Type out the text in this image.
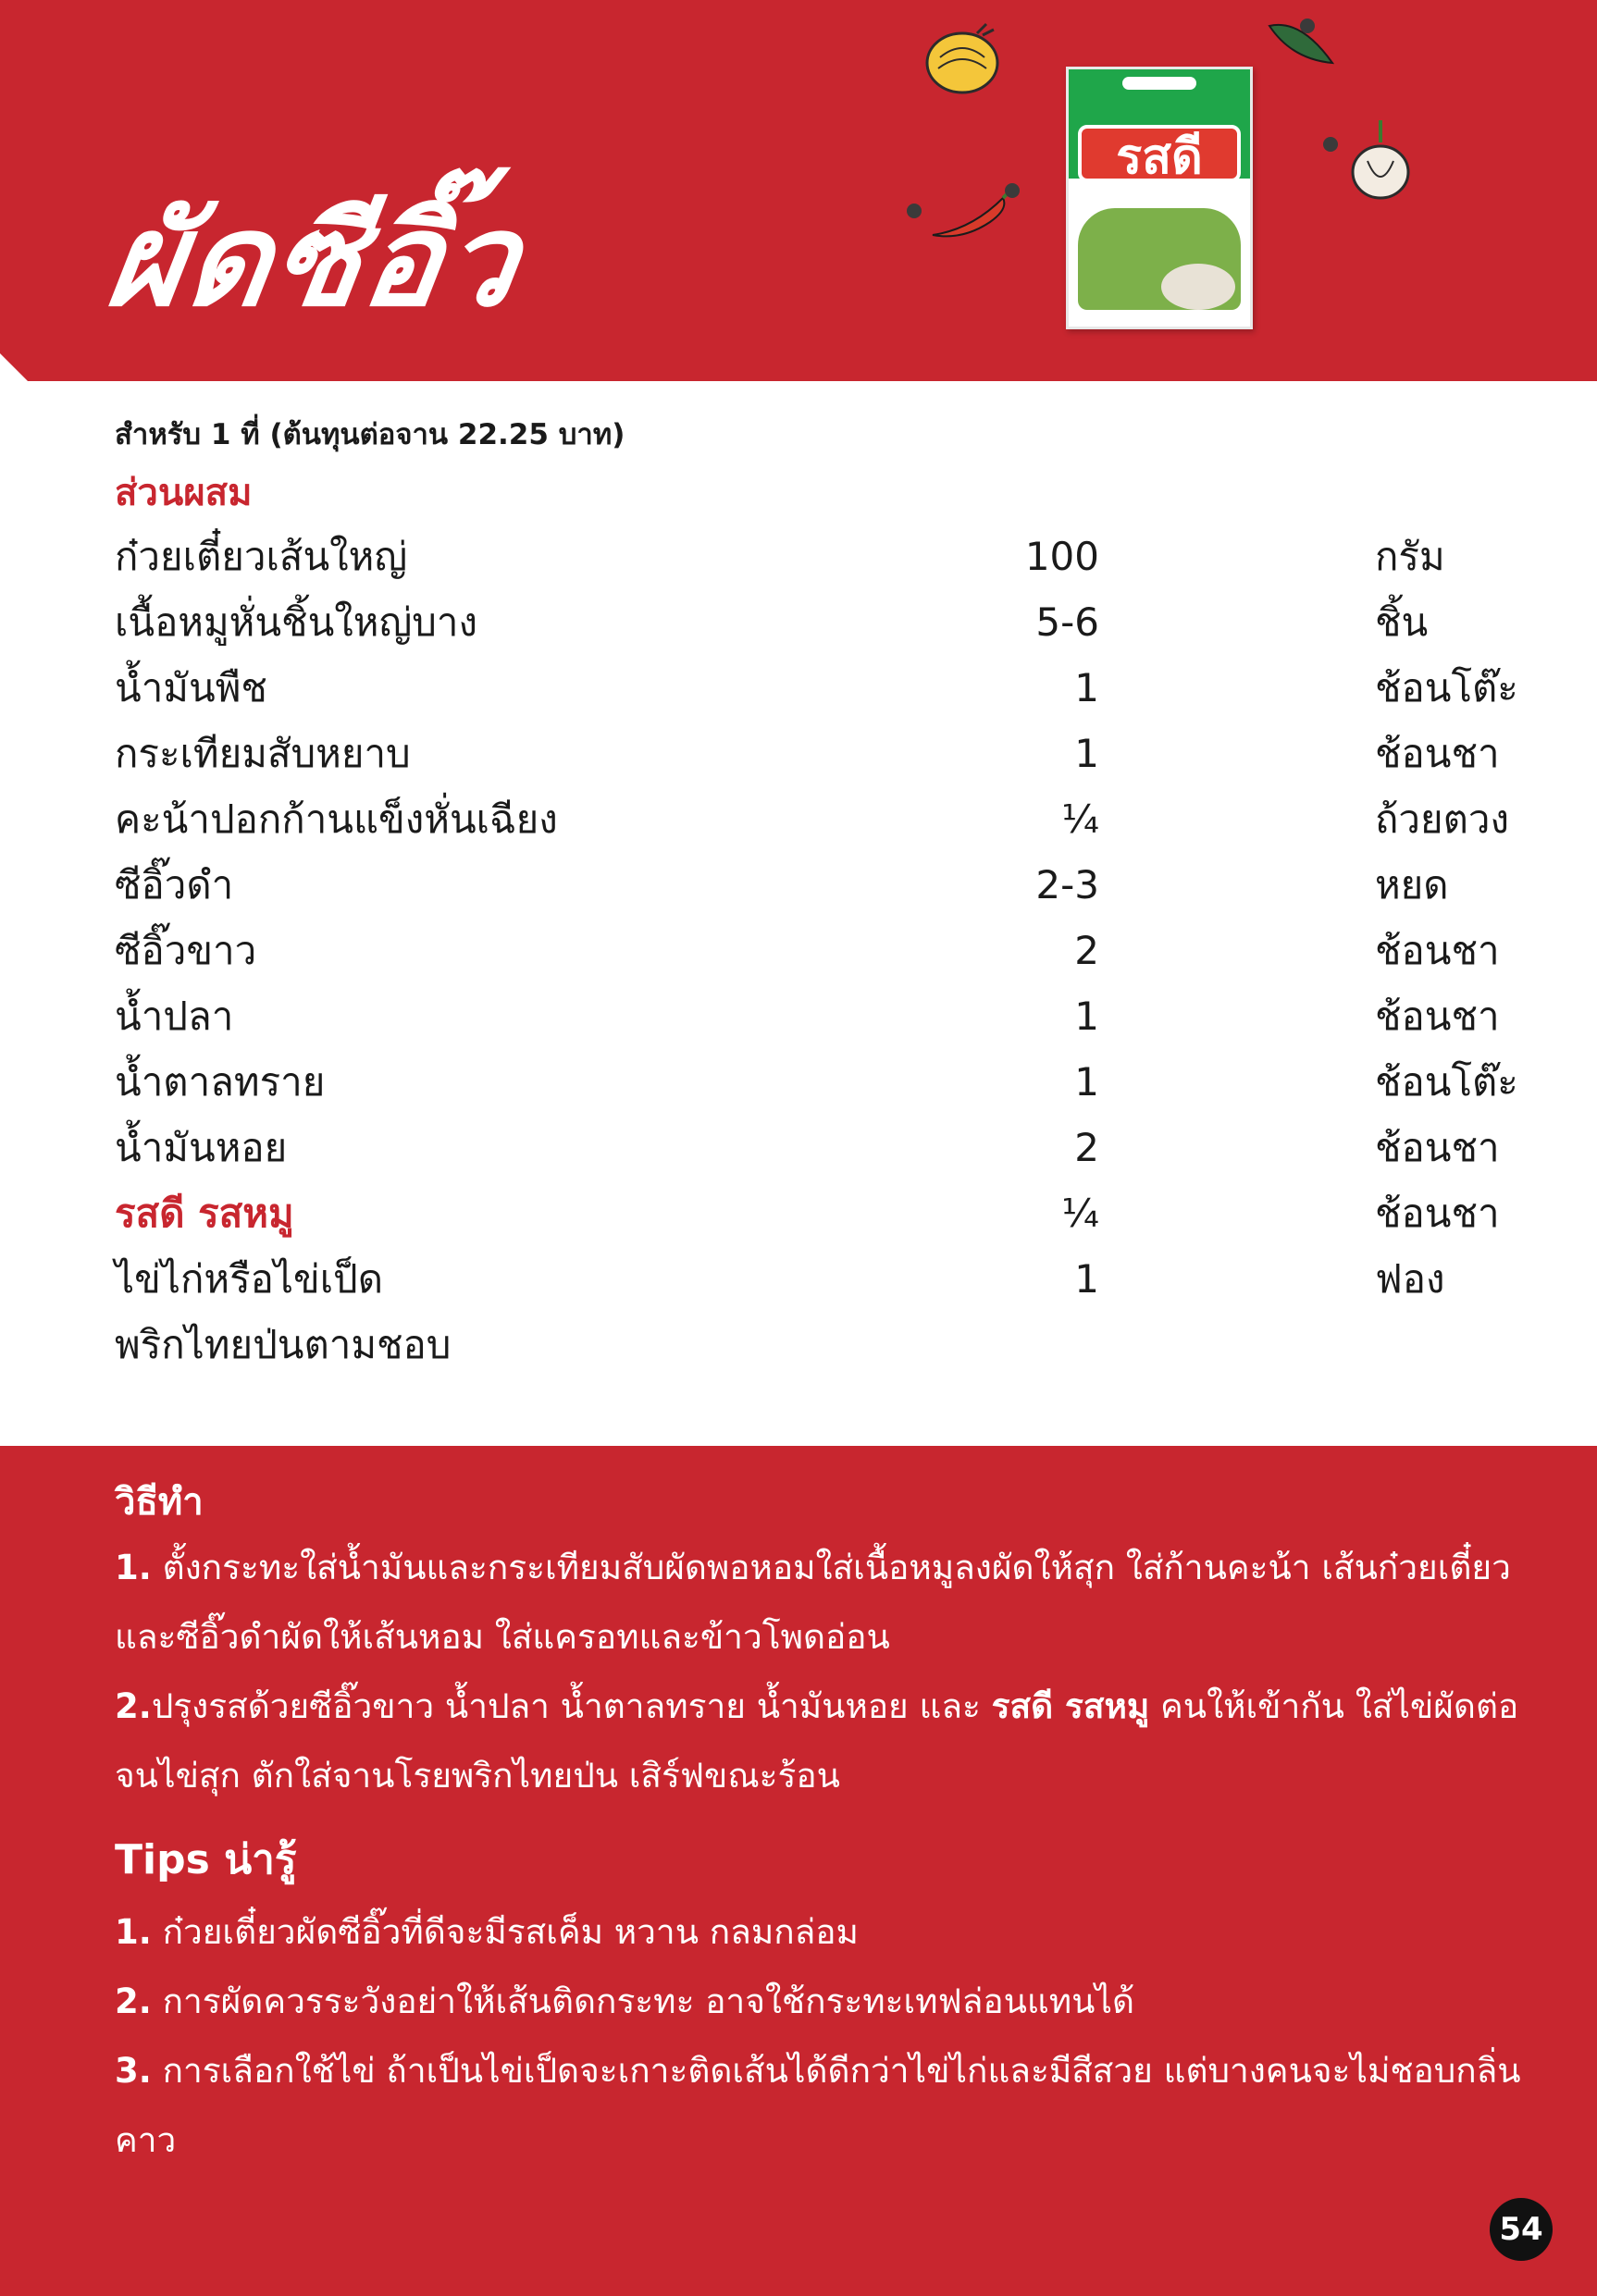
ผัดซีอิ๊ว
รสดี
สำหรับ 1 ที่ (ต้นทุนต่อจาน 22.25 บาท)
ส่วนผสม
ก๋วยเตี๋ยวเส้นใหญ่	100	กรัม
เนื้อหมูหั่นชิ้นใหญ่บาง	5-6	ชิ้น
น้ำมันพืช	1	ช้อนโต๊ะ
กระเทียมสับหยาบ	1	ช้อนชา
คะน้าปอกก้านแข็งหั่นเฉียง	¼	ถ้วยตวง
ซีอิ๊วดำ	2-3	หยด
ซีอิ๊วขาว	2	ช้อนชา
น้ำปลา	1	ช้อนชา
น้ำตาลทราย	1	ช้อนโต๊ะ
น้ำมันหอย	2	ช้อนชา
รสดี รสหมู	¼	ช้อนชา
ไข่ไก่หรือไข่เป็ด	1	ฟอง
พริกไทยป่นตามชอบ
วิธีทำ

1. ตั้งกระทะใส่น้ำมันและกระเทียมสับผัดพอหอมใส่เนื้อหมูลงผัดให้สุก ใส่ก้านคะน้า เส้นก๋วยเตี๋ยว และซีอิ๊วดำผัดให้เส้นหอม ใส่แครอทและข้าวโพดอ่อน

2.ปรุงรสด้วยซีอิ๊วขาว น้ำปลา น้ำตาลทราย น้ำมันหอย และ รสดี รสหมู คนให้เข้ากัน ใส่ไข่ผัดต่อ จนไข่สุก ตักใส่จานโรยพริกไทยป่น เสิร์ฟขณะร้อน

Tips น่ารู้

1. ก๋วยเตี๋ยวผัดซีอิ๊วที่ดีจะมีรสเค็ม หวาน กลมกล่อม

2. การผัดควรระวังอย่าให้เส้นติดกระทะ อาจใช้กระทะเทฟล่อนแทนได้

3. การเลือกใช้ไข่ ถ้าเป็นไข่เป็ดจะเกาะติดเส้นได้ดีกว่าไข่ไก่และมีสีสวย แต่บางคนจะไม่ชอบกลิ่นคาว

54
